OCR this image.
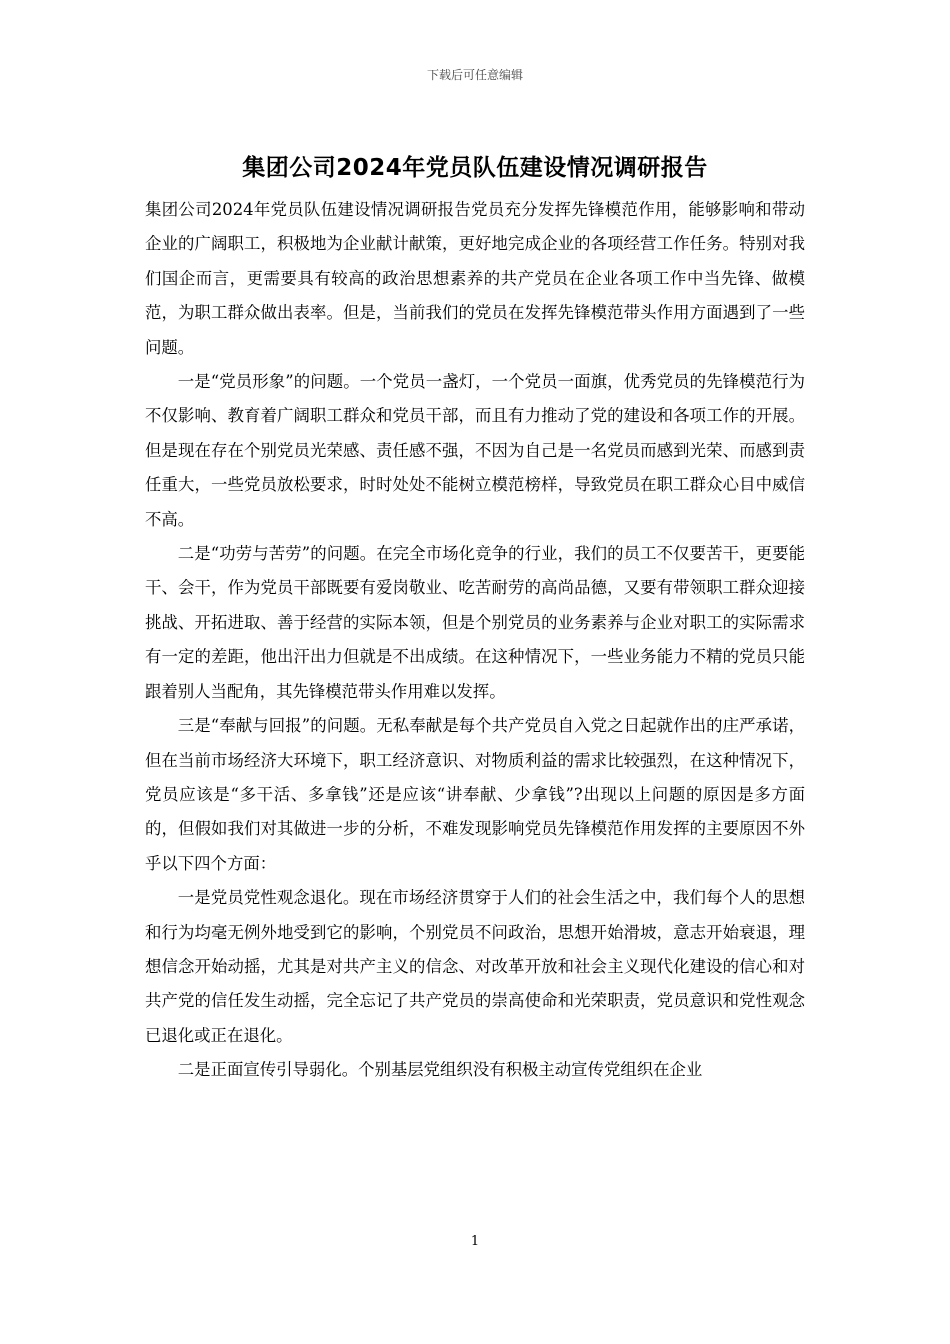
下载后可任意编辑
集团公司2024年党员队伍建设情况调研报告

集团公司2024年党员队伍建设情况调研报告党员充分发挥先锋模范作用，能够影响和带动企业的广阔职工，积极地为企业献计献策，更好地完成企业的各项经营工作任务。特别对我们国企而言，更需要具有较高的政治思想素养的共产党员在企业各项工作中当先锋、做模范，为职工群众做出表率。但是，当前我们的党员在发挥先锋模范带头作用方面遇到了一些问题。

一是“党员形象”的问题。一个党员一盏灯，一个党员一面旗，优秀党员的先锋模范行为不仅影响、教育着广阔职工群众和党员干部，而且有力推动了党的建设和各项工作的开展。但是现在存在个别党员光荣感、责任感不强，不因为自己是一名党员而感到光荣、而感到责任重大，一些党员放松要求，时时处处不能树立模范榜样，导致党员在职工群众心目中威信不高。

二是“功劳与苦劳”的问题。在完全市场化竞争的行业，我们的员工不仅要苦干，更要能干、会干，作为党员干部既要有爱岗敬业、吃苦耐劳的高尚品德，又要有带领职工群众迎接挑战、开拓进取、善于经营的实际本领，但是个别党员的业务素养与企业对职工的实际需求有一定的差距，他出汗出力但就是不出成绩。在这种情况下，一些业务能力不精的党员只能跟着别人当配角，其先锋模范带头作用难以发挥。

三是“奉献与回报”的问题。无私奉献是每个共产党员自入党之日起就作出的庄严承诺，但在当前市场经济大环境下，职工经济意识、对物质利益的需求比较强烈，在这种情况下，党员应该是“多干活、多拿钱”还是应该“讲奉献、少拿钱”?出现以上问题的原因是多方面的，但假如我们对其做进一步的分析，不难发现影响党员先锋模范作用发挥的主要原因不外乎以下四个方面：

一是党员党性观念退化。现在市场经济贯穿于人们的社会生活之中，我们每个人的思想和行为均毫无例外地受到它的影响，个别党员不问政治，思想开始滑坡，意志开始衰退，理想信念开始动摇，尤其是对共产主义的信念、对改革开放和社会主义现代化建设的信心和对共产党的信任发生动摇，完全忘记了共产党员的崇高使命和光荣职责，党员意识和党性观念已退化或正在退化。

二是正面宣传引导弱化。个别基层党组织没有积极主动宣传党组织在企业

1
